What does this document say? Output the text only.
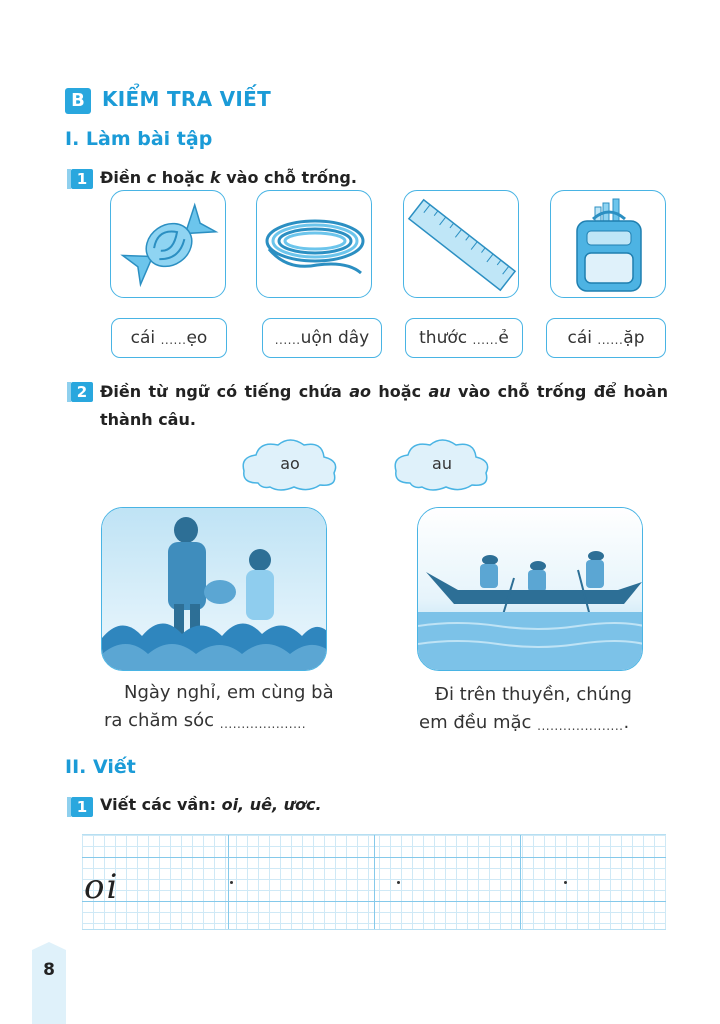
B KIỂM TRA VIẾT
I. Làm bài tập
1 Điền c hoặc k vào chỗ trống.
cái
...... ẹo	...... uộn dây	thước
...... ẻ	cái
...... ặp
2 Điền từ ngữ có tiếng chứa ao hoặc au vào chỗ trống để hoàn thành câu.
ao	au
Ngày nghỉ, em cùng bà
ra chăm sóc ....................
Đi trên thuyền, chúng
em đều mặc .....................
II. Viết
1 Viết các vần: oi, uê, ươc.
oi
8
